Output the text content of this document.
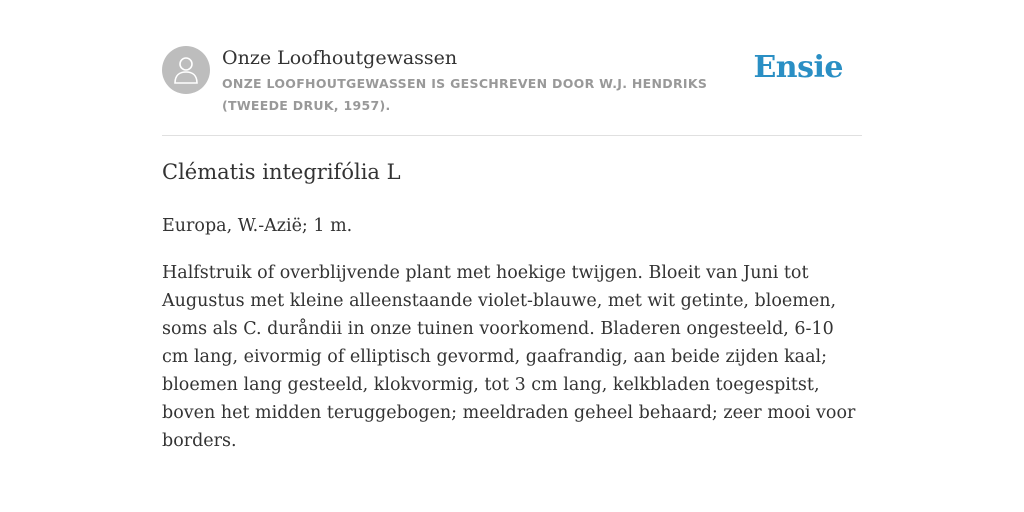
Onze Loofhoutgewassen
ONZE LOOFHOUTGEWASSEN IS GESCHREVEN DOOR W.J. HENDRIKS (TWEEDE DRUK, 1957).
Ensie
Clématis integrifólia L
Europa, W.-Azië; 1 m.
Halfstruik of overblijvende plant met hoekige twijgen. Bloeit van Juni tot Augustus met kleine alleenstaande violet-blauwe, met wit getinte, bloemen, soms als C. duråndii in onze tuinen voorkomend. Bladeren ongesteeld, 6-10 cm lang, eivormig of elliptisch gevormd, gaafrandig, aan beide zijden kaal; bloemen lang gesteeld, klokvormig, tot 3 cm lang, kelkbladen toegespitst, boven het midden teruggebogen; meeldraden geheel behaard; zeer mooi voor borders.
